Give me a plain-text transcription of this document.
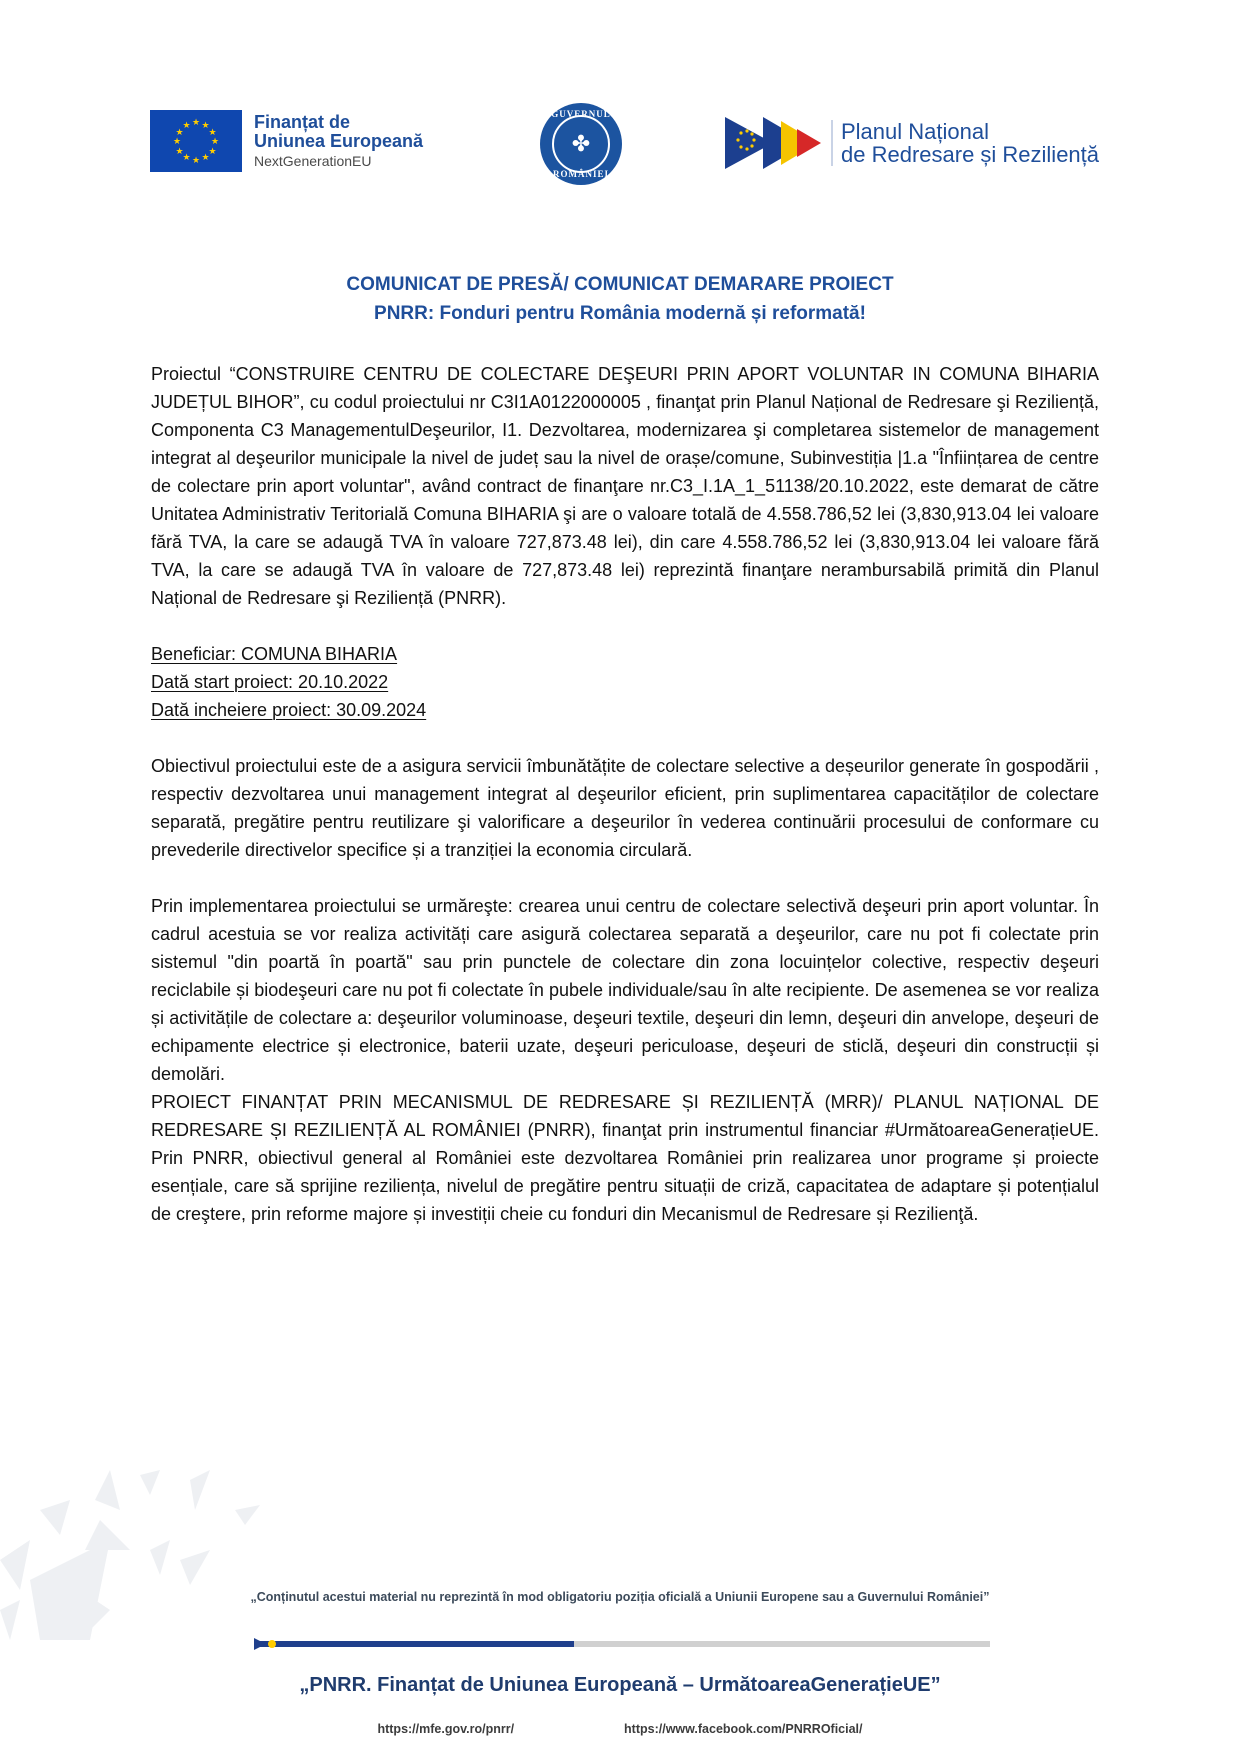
★ ★
★
★
★
★
★
★
★
★
★
★	Finanțat de
Uniunea Europeană
NextGenerationEU
GUVERNUL
✤
ROMÂNIEI
Planul Național
de Redresare și Reziliență
COMUNICAT DE PRESĂ/ COMUNICAT DEMARARE PROIECT
PNRR: Fonduri pentru România modernă și reformată!

Proiectul “CONSTRUIRE CENTRU DE COLECTARE DEŞEURI PRIN APORT VOLUNTAR IN COMUNA BIHARIA JUDEȚUL BIHOR”, cu codul proiectului nr C3I1A0122000005 , finanţat prin Planul Național de Redresare şi Reziliență, Componenta C3 ManagementulDeşeurilor, I1. Dezvoltarea, modernizarea şi completarea sistemelor de management integrat al deşeurilor municipale la nivel de județ sau la nivel de orașe/comune, Subinvestiția |1.a "Înființarea de centre de colectare prin aport voluntar", având contract de finanţare nr.C3_I.1A_1_51138/20.10.2022, este demarat de către Unitatea Administrativ Teritorială Comuna BIHARIA şi are o valoare totală de 4.558.786,52 lei (3,830,913.04 lei valoare fără TVA, la care se adaugă TVA în valoare 727,873.48 lei), din care 4.558.786,52 lei (3,830,913.04 lei valoare fără TVA, la care se adaugă TVA în valoare de 727,873.48 lei) reprezintă finanţare nerambursabilă primită din Planul Național de Redresare şi Reziliență (PNRR).

Beneficiar: COMUNA BIHARIA
Dată start proiect: 20.10.2022
Dată incheiere proiect: 30.09.2024

Obiectivul proiectului este de a asigura servicii îmbunătățite de colectare selective a deșeurilor generate în gospodării , respectiv dezvoltarea unui management integrat al deşeurilor eficient, prin suplimentarea capacităților de colectare separată, pregătire pentru reutilizare şi valorificare a deşeurilor în vederea continuării procesului de conformare cu prevederile directivelor specifice și a tranziției la economia circulară.

Prin implementarea proiectului se urmăreşte: crearea unui centru de colectare selectivă deşeuri prin aport voluntar. În cadrul acestuia se vor realiza activități care asigură colectarea separată a deşeurilor, care nu pot fi colectate prin sistemul "din poartă în poartă" sau prin punctele de colectare din zona locuințelor colective, respectiv deşeuri reciclabile și biodeşeuri care nu pot fi colectate în pubele individuale/sau în alte recipiente. De asemenea se vor realiza și activitățile de colectare a: deşeurilor voluminoase, deşeuri textile, deşeuri din lemn, deşeuri din anvelope, deşeuri de echipamente electrice și electronice, baterii uzate, deşeuri periculoase, deşeuri de sticlă, deşeuri din construcții și demolări.

PROIECT FINANȚAT PRIN MECANISMUL DE REDRESARE ȘI REZILIENȚĂ (MRR)/ PLANUL NAȚIONAL DE REDRESARE ȘI REZILIENȚĂ AL ROMÂNIEI (PNRR), finanţat prin instrumentul financiar #UrmătoareaGenerațieUE. Prin PNRR, obiectivul general al României este dezvoltarea României prin realizarea unor programe și proiecte esențiale, care să sprijine reziliența, nivelul de pregătire pentru situații de criză, capacitatea de adaptare și potențialul de creştere, prin reforme majore și investiții cheie cu fonduri din Mecanismul de Redresare și Rezilienţă.

„Conținutul acestui material nu reprezintă în mod obligatoriu poziția oficială a Uniunii Europene sau a Guvernului României”
„PNRR. Finanțat de Uniunea Europeană – UrmătoareaGenerațieUE”
https://mfe.gov.ro/pnrr/	https://www.facebook.com/PNRROficial/
